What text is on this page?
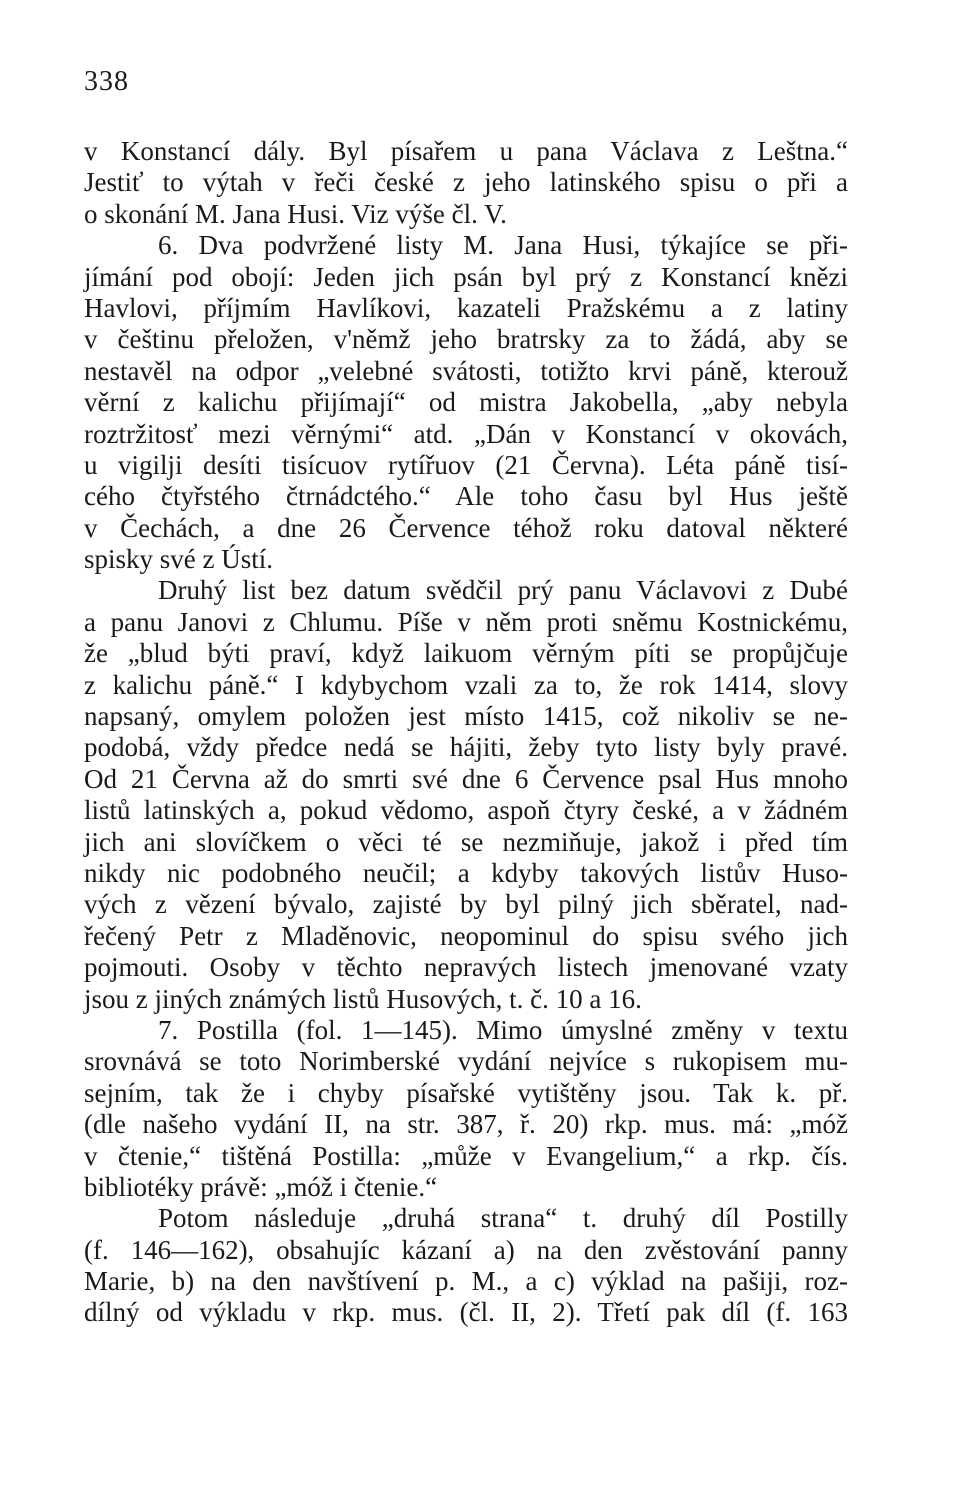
338
v Konstancí dály. Byl písařem u pana Václava z Leštna.“
Jestiť to výtah v řeči české z jeho latinského spisu o při a
o skonání M. Jana Husi. Viz výše čl. V.
6. Dva podvržené listy M. Jana Husi, týkajíce se při-
jímání pod obojí: Jeden jich psán byl prý z Konstancí knězi
Havlovi, příjmím Havlíkovi, kazateli Pražskému a z latiny
v češtinu přeložen, v'němž jeho bratrsky za to žádá, aby se
nestavěl na odpor „velebné svátosti, totižto krvi páně, kterouž
věrní z kalichu přijímají“ od mistra Jakobella, „aby nebyla
roztržitosť mezi věrnými“ atd. „Dán v Konstancí v okovách,
u vigilji desíti tisícuov rytířuov (21 Června). Léta páně tisí-
cého čtyřstého čtrnádctého.“ Ale toho času byl Hus ještě
v Čechách, a dne 26 Července téhož roku datoval některé
spisky své z Ústí.
Druhý list bez datum svědčil prý panu Václavovi z Dubé
a panu Janovi z Chlumu. Píše v něm proti sněmu Kostnickému,
že „blud býti praví, když laikuom věrným píti se propůjčuje
z kalichu páně.“ I kdybychom vzali za to, že rok 1414, slovy
napsaný, omylem položen jest místo 1415, což nikoliv se ne-
podobá, vždy předce nedá se hájiti, žeby tyto listy byly pravé.
Od 21 Června až do smrti své dne 6 Července psal Hus mnoho
listů latinských a, pokud vědomo, aspoň čtyry české, a v žádném
jich ani slovíčkem o věci té se nezmiňuje, jakož i před tím
nikdy nic podobného neučil; a kdyby takových listův Huso-
vých z vězení bývalo, zajisté by byl pilný jich sběratel, nad-
řečený Petr z Mladěnovic, neopominul do spisu svého jich
pojmouti. Osoby v těchto nepravých listech jmenované vzaty
jsou z jiných známých listů Husových, t. č. 10 a 16.
7. Postilla (fol. 1—145). Mimo úmyslné změny v textu
srovnává se toto Norimberské vydání nejvíce s rukopisem mu-
sejním, tak že i chyby písařské vytištěny jsou. Tak k. př.
(dle našeho vydání II, na str. 387, ř. 20) rkp. mus. má: „móž
v čtenie,“ tištěná Postilla: „může v Evangelium,“ a rkp. čís.
bibliotéky právě: „móž i čtenie.“
Potom následuje „druhá strana“ t. druhý díl Postilly
(f. 146—162), obsahujíc kázaní a) na den zvěstování panny
Marie, b) na den navštívení p. M., a c) výklad na pašiji, roz-
dílný od výkladu v rkp. mus. (čl. II, 2). Třetí pak díl (f. 163
